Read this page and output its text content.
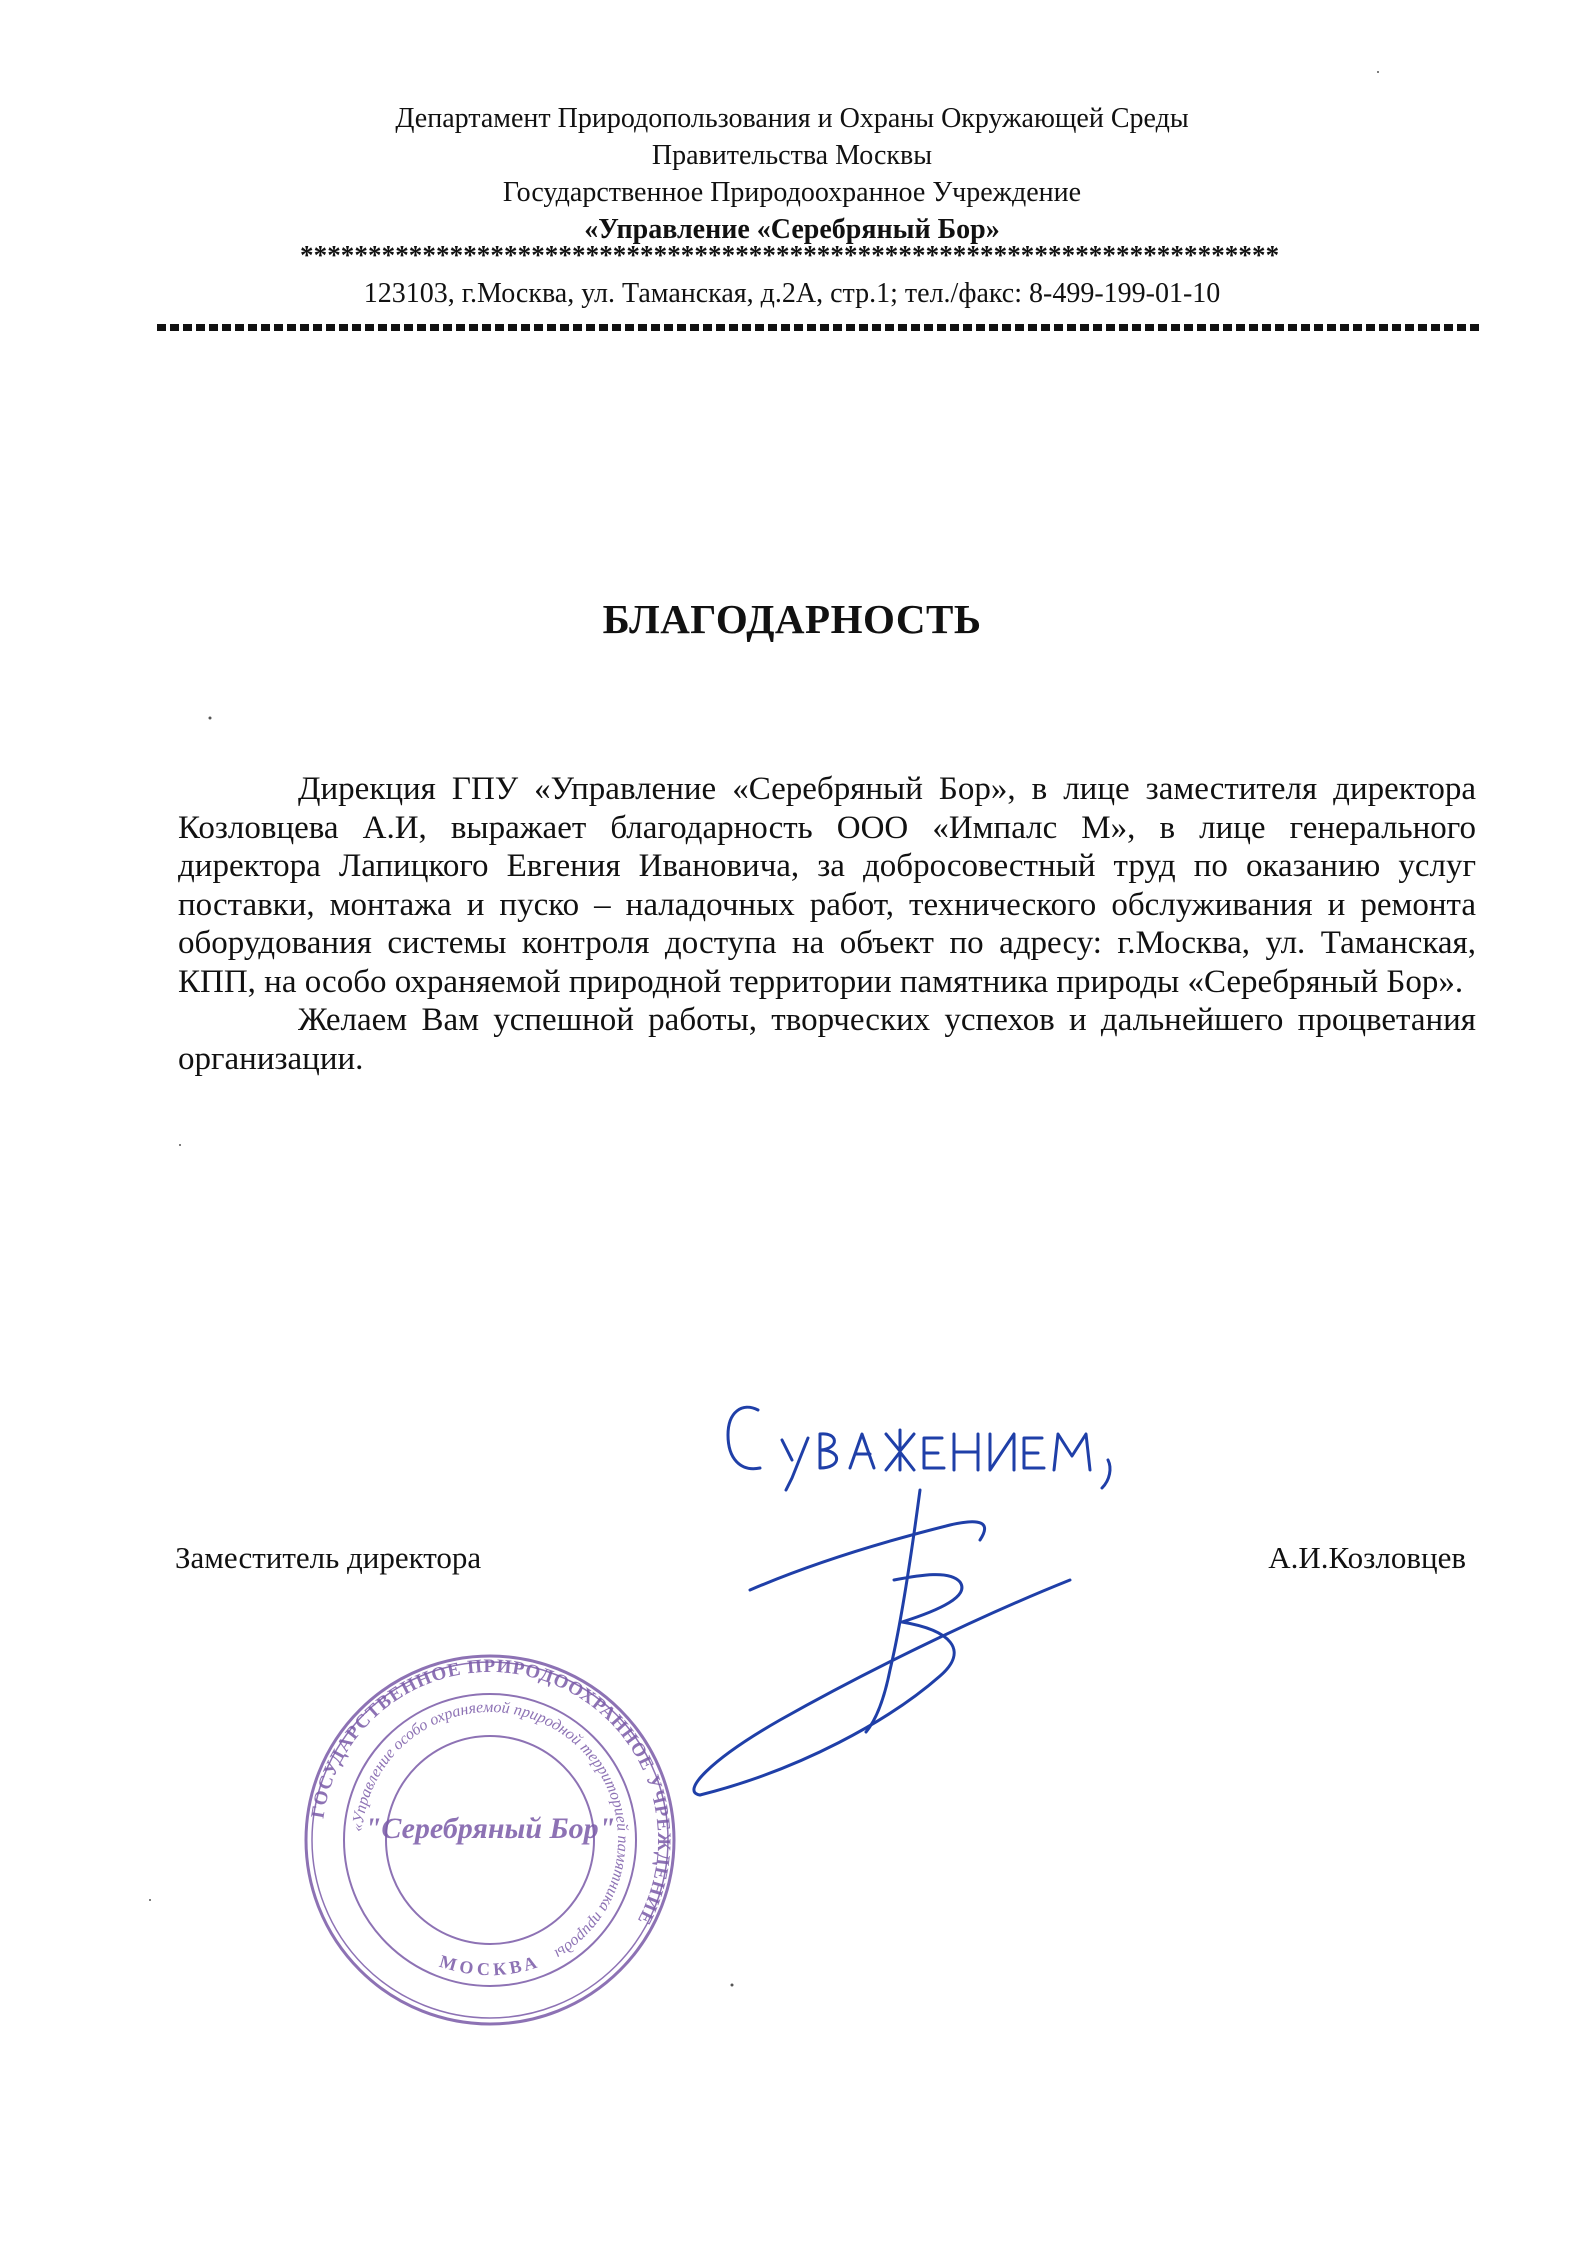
Департамент Природопользования и Охраны Окружающей Среды
Правительства Москвы
Государственное Природоохранное Учреждение
«Управление «Серебряный Бор»
************************************************************************
123103, г.Москва, ул. Таманская, д.2А, стр.1; тел./факс: 8-499-199-01-10
БЛАГОДАРНОСТЬ

Дирекция ГПУ «Управление «Серебряный Бор», в лице заместителя директора Козловцева А.И, выражает благодарность ООО «Импалс М», в лице генерального директора Лапицкого Евгения Ивановича, за добросовестный труд по оказанию услуг поставки, монтажа и пуско – наладочных работ, технического обслуживания и ремонта оборудования системы контроля доступа на объект по адресу: г.Москва, ул. Таманская, КПП, на особо охраняемой природной территории памятника природы «Серебряный Бор».

Желаем Вам успешной работы, творческих успехов и дальнейшего процветания организации.

Заместитель директора	А.И.Козловцев
ГОСУДАРСТВЕННОЕ ПРИРОДООХРАННОЕ УЧРЕЖДЕНИЕ
«Управление особо охраняемой природной территорией памятника природы
МОСКВА
"Серебряный Бор"
